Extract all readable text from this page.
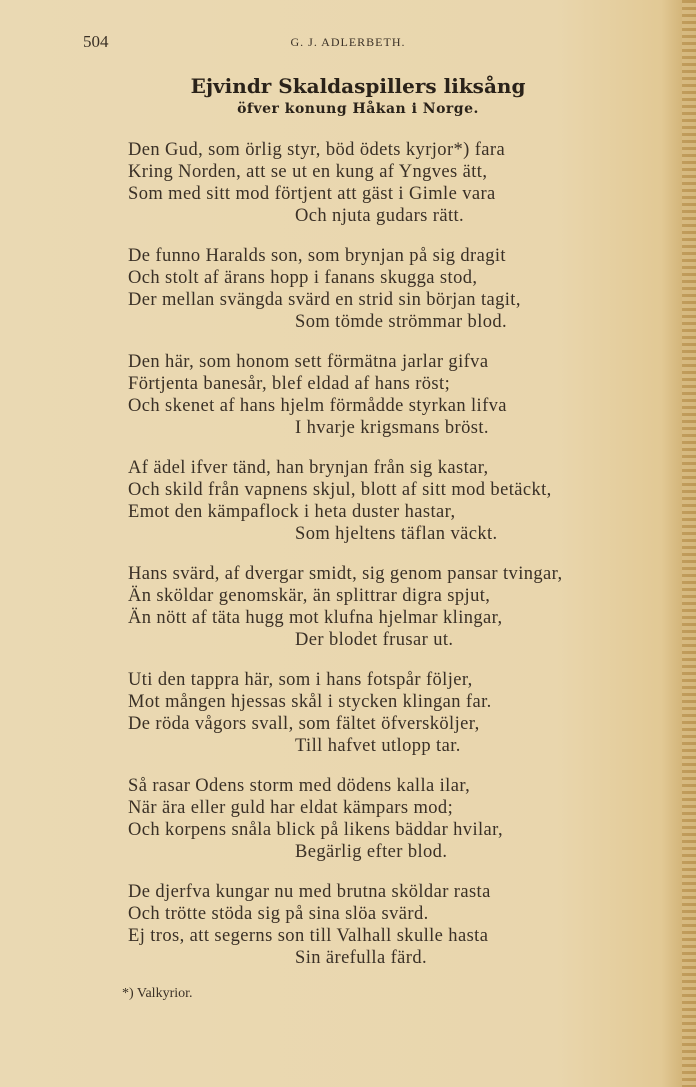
504	G. J. ADLERBETH.
Ejvindr Skaldaspillers liksång
öfver konung Håkan i Norge.
Den Gud, som örlig styr, böd ödets kyrjor*) fara
Kring Norden, att se ut en kung af Yngves ätt,
Som med sitt mod förtjent att gäst i Gimle vara
Och njuta gudars rätt.
De funno Haralds son, som brynjan på sig dragit
Och stolt af ärans hopp i fanans skugga stod,
Der mellan svängda svärd en strid sin början tagit,
Som tömde strömmar blod.
Den här, som honom sett förmätna jarlar gifva
Förtjenta banesår, blef eldad af hans röst;
Och skenet af hans hjelm förmådde styrkan lifva
I hvarje krigsmans bröst.
Af ädel ifver tänd, han brynjan från sig kastar,
Och skild från vapnens skjul, blott af sitt mod betäckt,
Emot den kämpaflock i heta duster hastar,
Som hjeltens täflan väckt.
Hans svärd, af dvergar smidt, sig genom pansar tvingar,
Än sköldar genomskär, än splittrar digra spjut,
Än nött af täta hugg mot klufna hjelmar klingar,
Der blodet frusar ut.
Uti den tappra här, som i hans fotspår följer,
Mot mången hjessas skål i stycken klingan far.
De röda vågors svall, som fältet öfversköljer,
Till hafvet utlopp tar.
Så rasar Odens storm med dödens kalla ilar,
När ära eller guld har eldat kämpars mod;
Och korpens snåla blick på likens bäddar hvilar,
Begärlig efter blod.
De djerfva kungar nu med brutna sköldar rasta
Och trötte stöda sig på sina slöa svärd.
Ej tros, att segerns son till Valhall skulle hasta
Sin ärefulla färd.
*) Valkyrior.
